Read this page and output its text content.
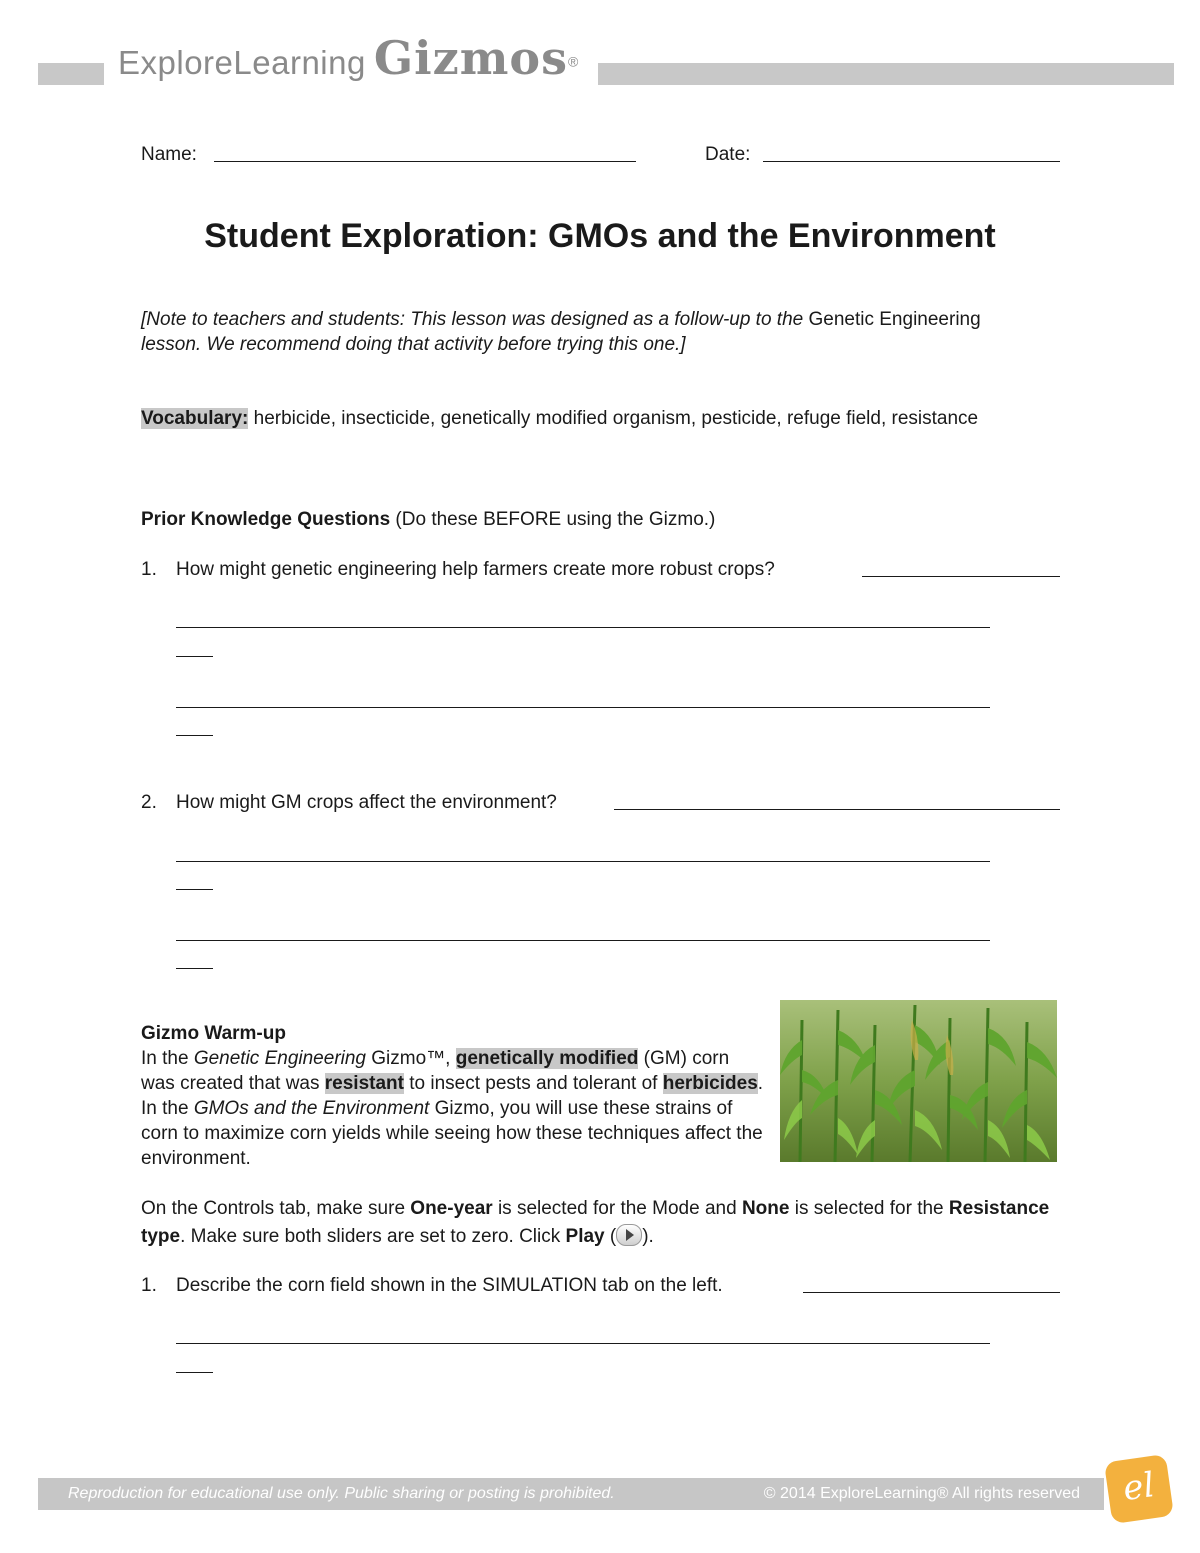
ExploreLearning Gizmos®
Name:	Date:
Student Exploration: GMOs and the Environment
[Note to teachers and students: This lesson was designed as a follow-up to the Genetic Engineering lesson. We recommend doing that activity before trying this one.]
Vocabulary: herbicide, insecticide, genetically modified organism, pesticide, refuge field, resistance
Prior Knowledge Questions (Do these BEFORE using the Gizmo.)
1. How might genetic engineering help farmers create more robust crops?
2. How might GM crops affect the environment?
Gizmo Warm-up
In the Genetic Engineering Gizmo™, genetically modified (GM) corn was created that was resistant to insect pests and tolerant of herbicides. In the GMOs and the Environment Gizmo, you will use these strains of corn to maximize corn yields while seeing how these techniques affect the environment.
On the Controls tab, make sure One-year is selected for the Mode and None is selected for the Resistance type. Make sure both sliders are set to zero. Click Play ( ).
1. Describe the corn field shown in the SIMULATION tab on the left.
Reproduction for educational use only. Public sharing or posting is prohibited.	© 2014 ExploreLearning® All rights reserved	el
